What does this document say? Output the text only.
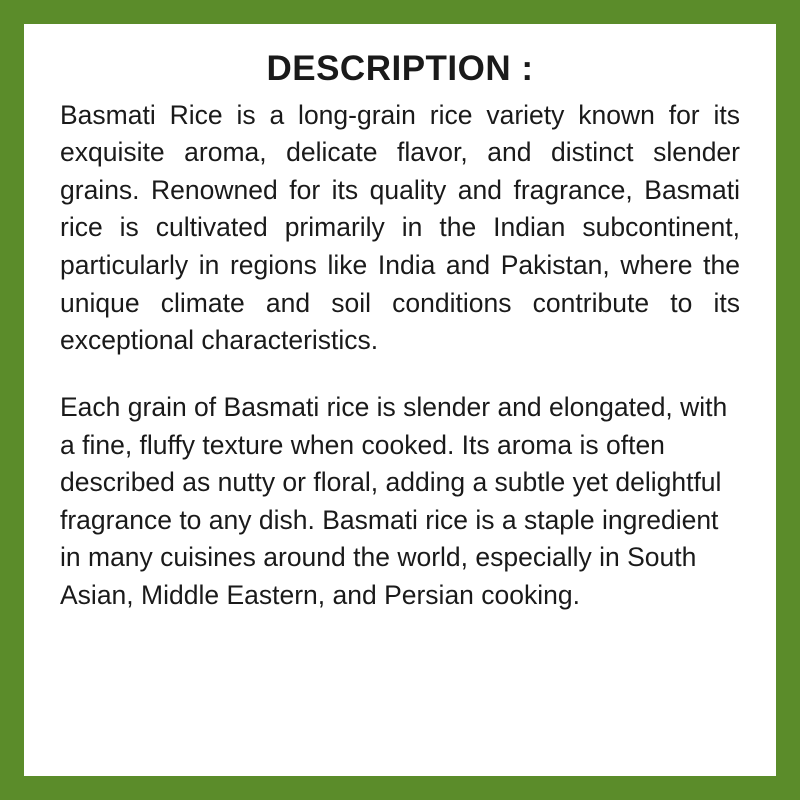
DESCRIPTION :

Basmati Rice is a long-grain rice variety known for its exquisite aroma, delicate flavor, and distinct slender grains. Renowned for its quality and fragrance, Basmati rice is cultivated primarily in the Indian subcontinent, particularly in regions like India and Pakistan, where the unique climate and soil conditions contribute to its exceptional characteristics.

Each grain of Basmati rice is slender and elongated, with a fine, fluffy texture when cooked. Its aroma is often described as nutty or floral, adding a subtle yet delightful fragrance to any dish. Basmati rice is a staple ingredient in many cuisines around the world, especially in South Asian, Middle Eastern, and Persian cooking.
